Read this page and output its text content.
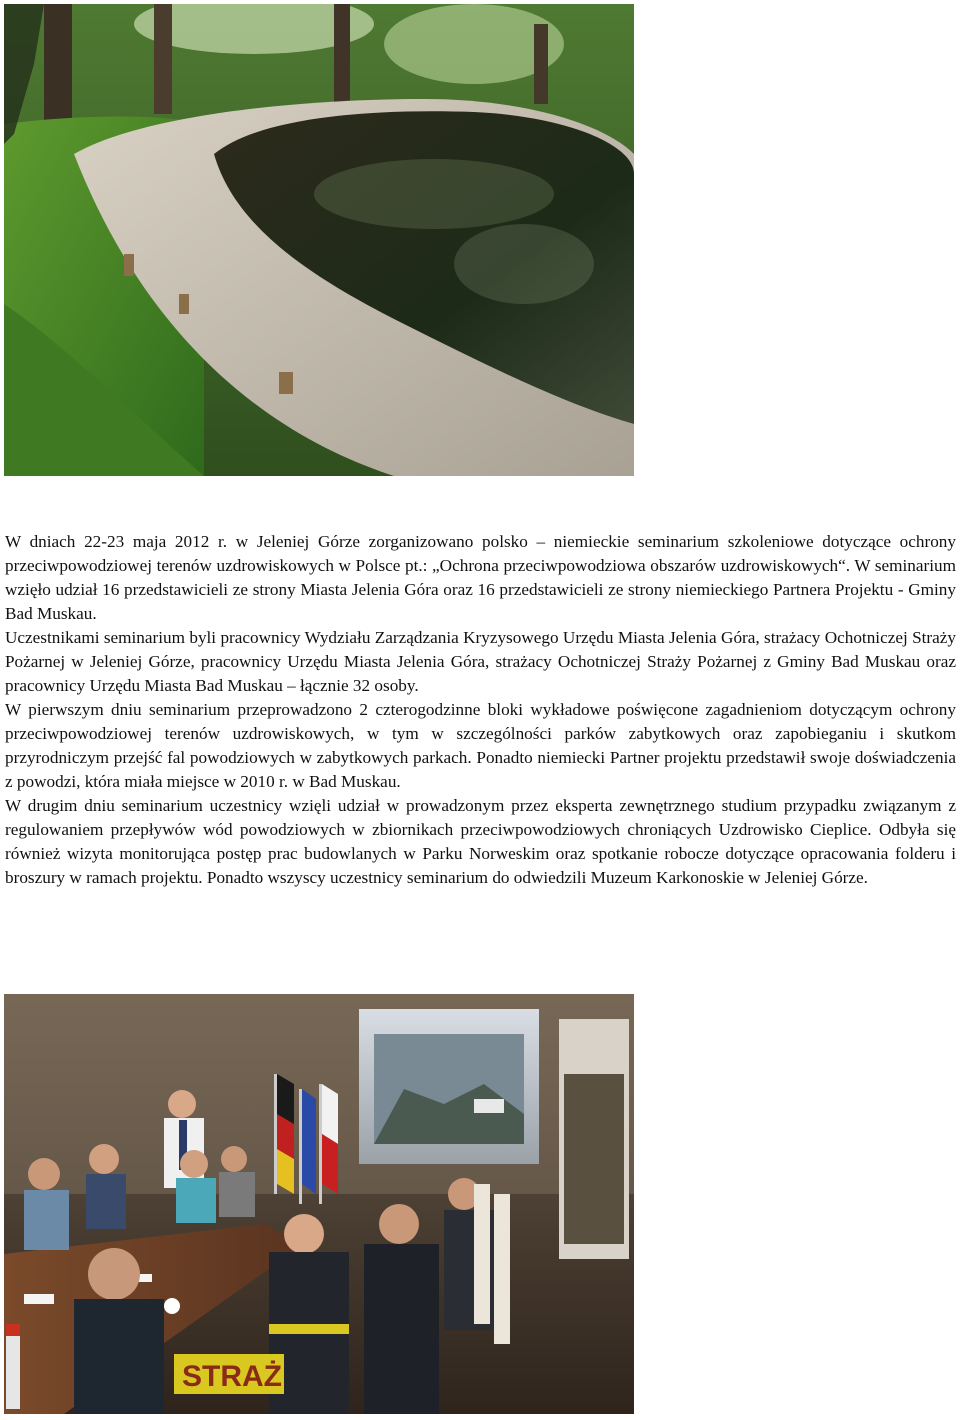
W dniach 22-23 maja 2012 r. w Jeleniej Górze zorganizowano polsko – niemieckie seminarium szkoleniowe dotyczące ochrony przeciwpowodziowej terenów uzdrowiskowych w Polsce pt.: „Ochrona przeciwpowodziowa obszarów uzdrowiskowych“. W seminarium wzięło udział 16 przedstawicieli ze strony Miasta Jelenia Góra oraz 16 przedstawicieli ze strony niemieckiego Partnera Projektu - Gminy Bad Muskau.

Uczestnikami seminarium byli pracownicy Wydziału Zarządzania Kryzysowego Urzędu Miasta Jelenia Góra, strażacy Ochotniczej Straży Pożarnej w Jeleniej Górze, pracownicy Urzędu Miasta Jelenia Góra, strażacy Ochotniczej Straży Pożarnej z Gminy Bad Muskau oraz pracownicy Urzędu Miasta Bad Muskau – łącznie 32 osoby.

W pierwszym dniu seminarium przeprowadzono 2 czterogodzinne bloki wykładowe poświęcone zagadnieniom dotyczącym ochrony przeciwpowodziowej terenów uzdrowiskowych, w tym w szczególności parków zabytkowych oraz zapobieganiu i skutkom przyrodniczym przejść fal powodziowych w zabytkowych parkach. Ponadto niemiecki Partner projektu przedstawił swoje doświadczenia z powodzi, która miała miejsce w 2010 r. w Bad Muskau.

W drugim dniu seminarium uczestnicy wzięli udział w prowadzonym przez eksperta zewnętrznego studium przypadku związanym z regulowaniem przepływów wód powodziowych w zbiornikach przeciwpowodziowych chroniących Uzdrowisko Cieplice. Odbyła się również wizyta monitorująca postęp prac budowlanych w Parku Norweskim oraz spotkanie robocze dotyczące opracowania folderu i broszury w ramach projektu. Ponadto wszyscy uczestnicy seminarium do odwiedzili Muzeum Karkonoskie w Jeleniej Górze.

STRAŻ
